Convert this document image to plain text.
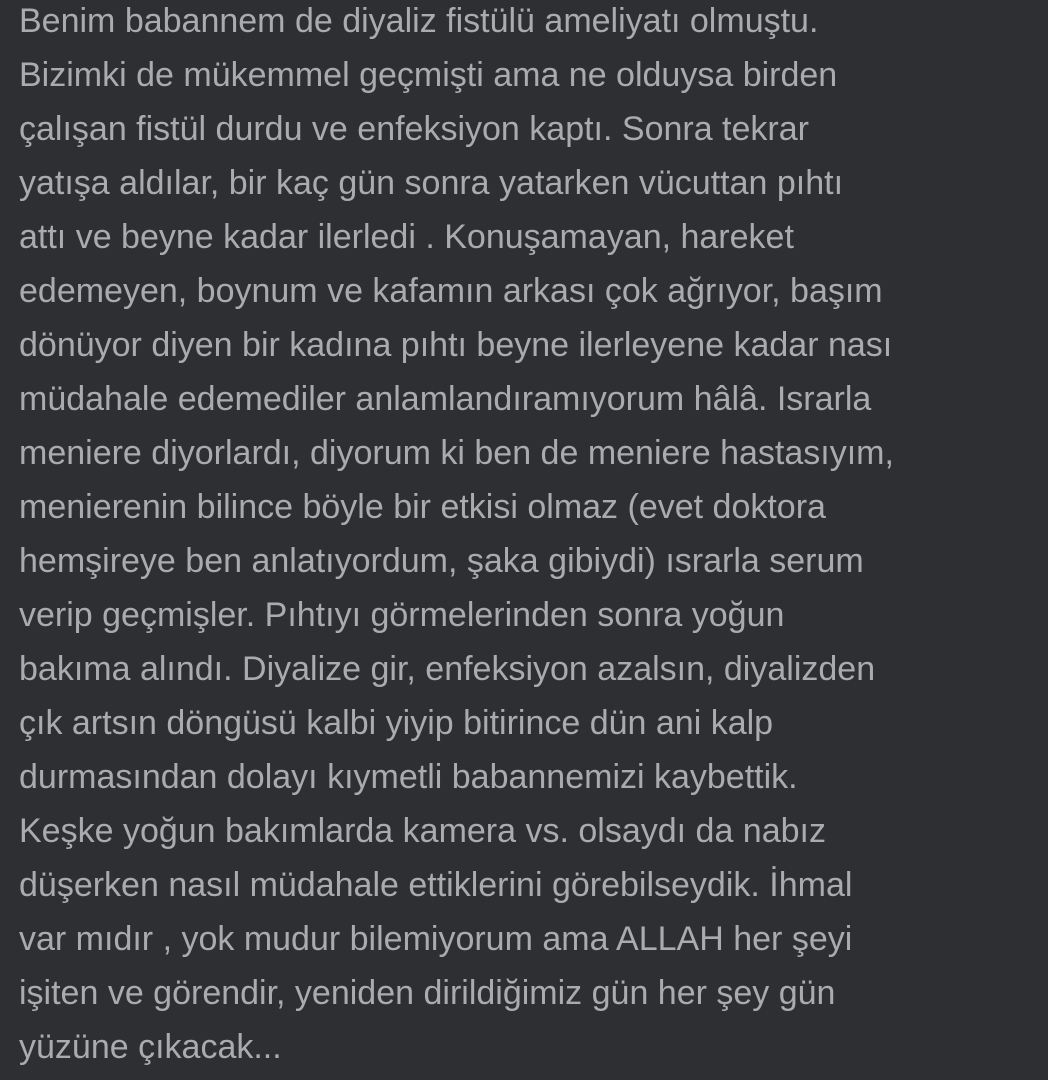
Benim babannem de diyaliz fistülü ameliyatı olmuştu.
Bizimki de mükemmel geçmişti ama ne olduysa birden
çalışan fistül durdu ve enfeksiyon kaptı. Sonra tekrar
yatışa aldılar, bir kaç gün sonra yatarken vücuttan pıhtı
attı ve beyne kadar ilerledi . Konuşamayan, hareket
edemeyen, boynum ve kafamın arkası çok ağrıyor, başım
dönüyor diyen bir kadına pıhtı beyne ilerleyene kadar nası
müdahale edemediler anlamlandıramıyorum hâlâ. Israrla
meniere diyorlardı, diyorum ki ben de meniere hastasıyım,
menierenin bilince böyle bir etkisi olmaz (evet doktora
hemşireye ben anlatıyordum, şaka gibiydi) ısrarla serum
verip geçmişler. Pıhtıyı görmelerinden sonra yoğun
bakıma alındı. Diyalize gir, enfeksiyon azalsın, diyalizden
çık artsın döngüsü kalbi yiyip bitirince dün ani kalp
durmasından dolayı kıymetli babannemizi kaybettik.
Keşke yoğun bakımlarda kamera vs. olsaydı da nabız
düşerken nasıl müdahale ettiklerini görebilseydik. İhmal
var mıdır , yok mudur bilemiyorum ama ALLAH her şeyi
işiten ve görendir, yeniden dirildiğimiz gün her şey gün
yüzüne çıkacak...
